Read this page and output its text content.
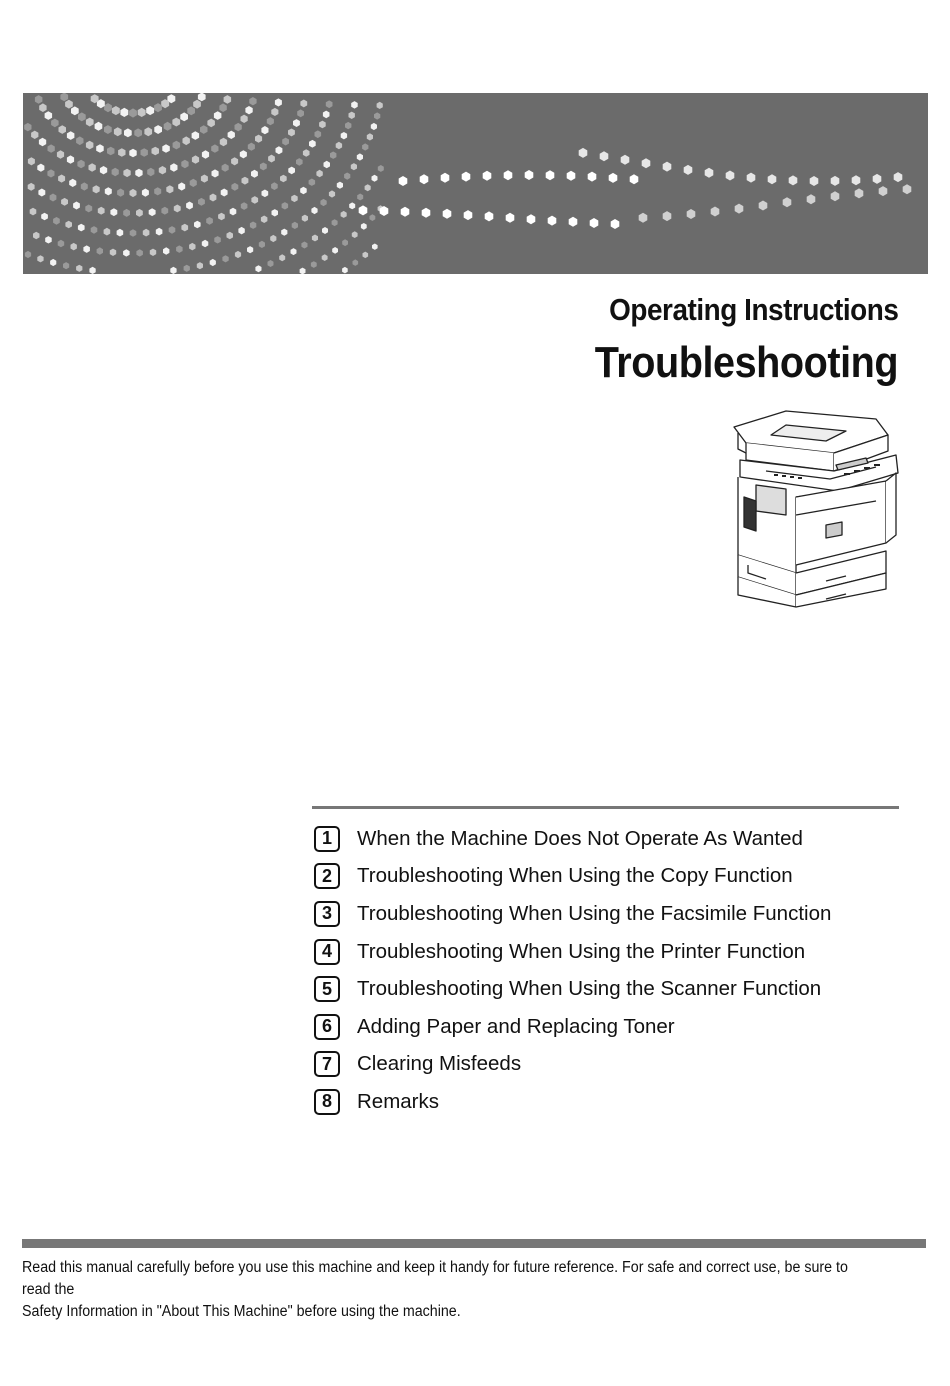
Operating Instructions
Troubleshooting
1	When the Machine Does Not Operate As Wanted
2	Troubleshooting When Using the Copy Function
3	Troubleshooting When Using the Facsimile Function
4	Troubleshooting When Using the Printer Function
5	Troubleshooting When Using the Scanner Function
6	Adding Paper and Replacing Toner
7	Clearing Misfeeds
8	Remarks
Read this manual carefully before you use this machine and keep it handy for future reference. For safe and correct use, be sure to read the
Safety Information in "About This Machine" before using the machine.
